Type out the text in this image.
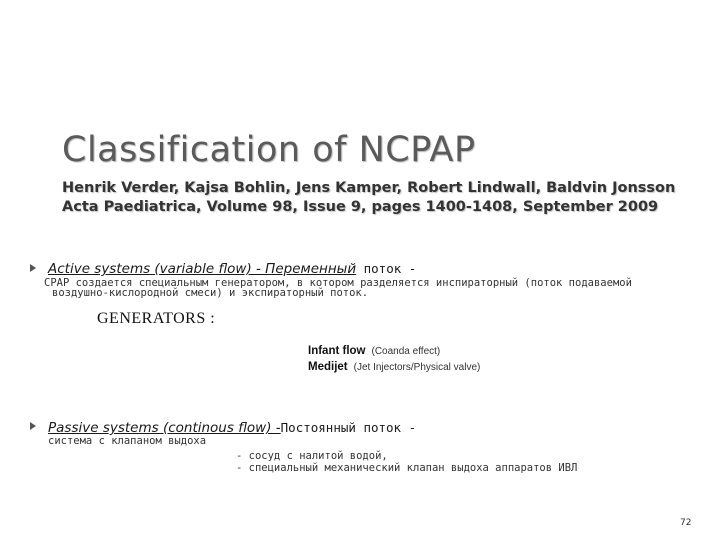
Classification of NCPAP
Henrik Verder, Kajsa Bohlin, Jens Kamper, Robert Lindwall, Baldvin Jonsson
Acta Paediatrica, Volume 98, Issue 9, pages 1400-1408, September 2009
Active systems (variable flow) - Переменный поток -
CPAP создается специальным генератором, в котором разделяется инспираторный (поток подаваемой
воздушно-кислородной смеси) и экспираторный поток.
GENERATORS :
Infant flow (Coanda effect)
Medijet (Jet Injectors/Physical valve)
Passive systems (continous flow) -Постоянный поток -
система с клапаном выдоха
- сосуд с налитой водой,
- специальный механический клапан выдоха аппаратов ИВЛ
72
